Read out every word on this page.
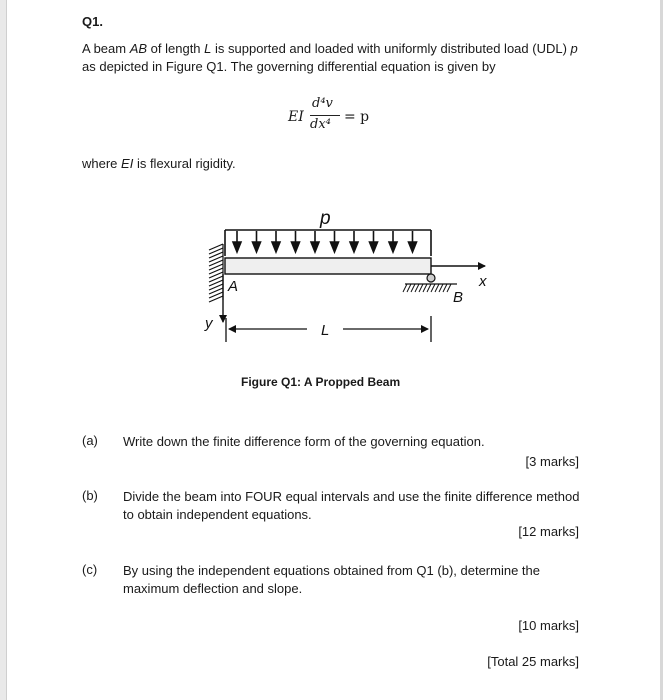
Q1.
A beam AB of length L is supported and loaded with uniformly distributed load (UDL) p as depicted in Figure Q1. The governing differential equation is given by
EI
d⁴v
dx⁴ = p
where EI is flexural rigidity.
p
x
y
A
B
L
Figure Q1: A Propped Beam
(a) Write down the finite difference form of the governing equation.
[3 marks]
(b) Divide the beam into FOUR equal intervals and use the finite difference method to obtain independent equations.
[12 marks]
(c) By using the independent equations obtained from Q1 (b), determine the maximum deflection and slope.
[10 marks]
[Total 25 marks]
